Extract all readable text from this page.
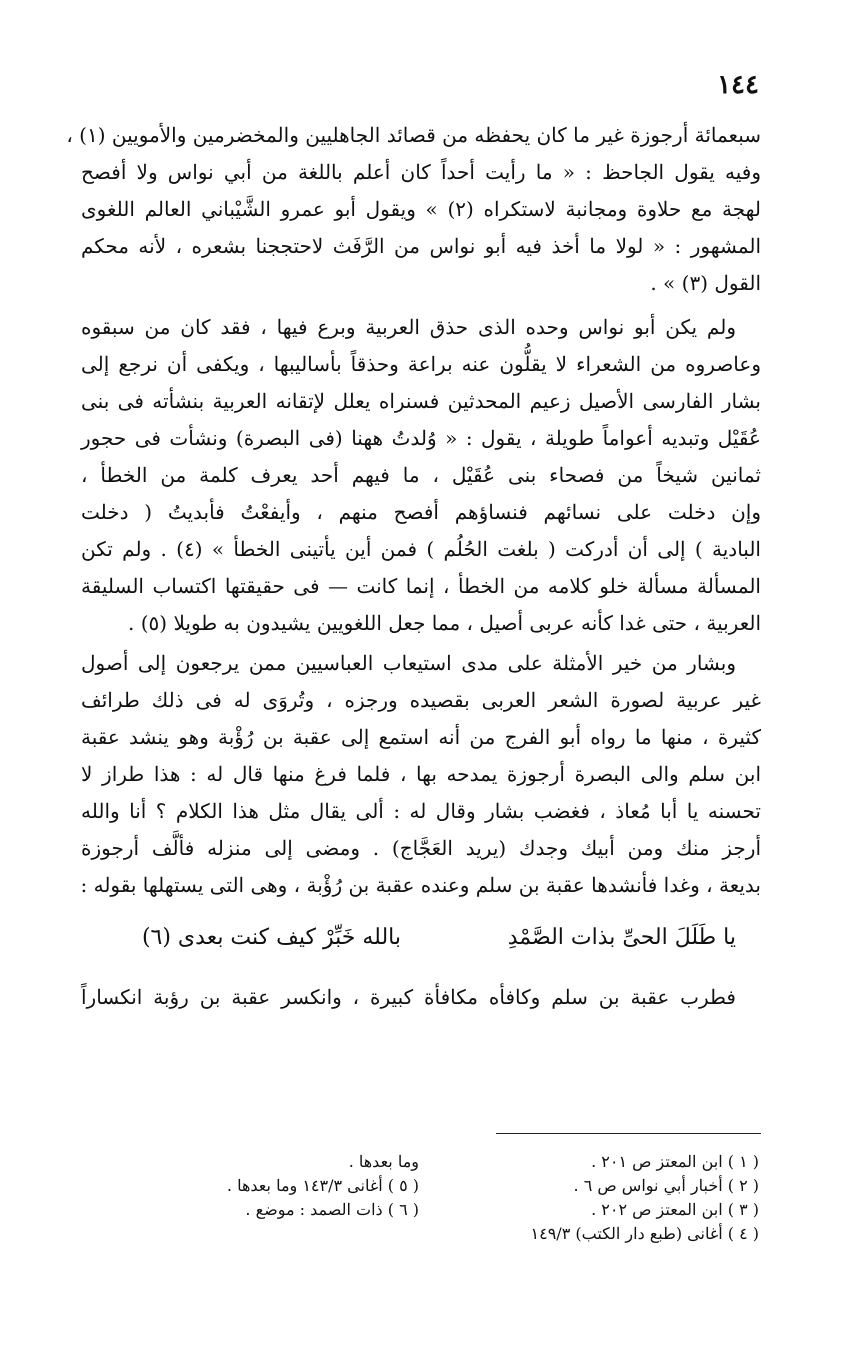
١٤٤
سبعمائة أرجوزة غير ما كان يحفظه من قصائد الجاهليين والمخضرمين والأمويين (١) ،
وفيه يقول الجاحظ : « ما رأيت أحداً كان أعلم باللغة من أبي نواس ولا أفصح
لهجة مع حلاوة ومجانبة لاستكراه (٢) » ويقول أبو عمرو الشَّيْباني العالم اللغوى
المشهور : « لولا ما أخذ فيه أبو نواس من الرَّفَث لاحتججنا بشعره ، لأنه محكم
القول (٣) » .
ولم يكن أبو نواس وحده الذى حذق العربية وبرع فيها ، فقد كان من سبقوه
وعاصروه من الشعراء لا يقلُّون عنه براعة وحذقاً بأساليبها ، ويكفى أن نرجع إلى
بشار الفارسى الأصيل زعيم المحدثين فسنراه يعلل لإتقانه العربية بنشأته فى بنى
عُقَيْل وتبديه أعواماً طويلة ، يقول : « وُلدتُ ههنا (فى البصرة) ونشأت فى حجور
ثمانين شيخاً من فصحاء بنى عُقَيْل ، ما فيهم أحد يعرف كلمة من الخطأ ،
وإن دخلت على نسائهم فنساؤهم أفصح منهم ، وأيفعْتُ فأبديتُ ( دخلت
البادية ) إلى أن أدركت ( بلغت الحُلُم ) فمن أين يأتينى الخطأ » (٤) . ولم تكن
المسألة مسألة خلو كلامه من الخطأ ، إنما كانت — فى حقيقتها اكتساب السليقة
العربية ، حتى غدا كأنه عربى أصيل ، مما جعل اللغويين يشيدون به طويلا (٥) .
وبشار من خير الأمثلة على مدى استيعاب العباسيين ممن يرجعون إلى أصول
غير عربية لصورة الشعر العربى بقصيده ورجزه ، وتُروَى له فى ذلك طرائف
كثيرة ، منها ما رواه أبو الفرج من أنه استمع إلى عقبة بن رُؤْبة وهو ينشد عقبة
ابن سلم والى البصرة أرجوزة يمدحه بها ، فلما فرغ منها قال له : هذا طراز لا
تحسنه يا أبا مُعاذ ، فغضب بشار وقال له : ألى يقال مثل هذا الكلام ؟ أنا والله
أرجز منك ومن أبيك وجدك (يريد العَجَّاج) . ومضى إلى منزله فألَّف أرجوزة
بديعة ، وغدا فأنشدها عقبة بن سلم وعنده عقبة بن رُؤْبة ، وهى التى يستهلها بقوله :
يا طَلَلَ الحىِّ بذات الصَّمْدِ
بالله خَبِّرْ كيف كنت بعدى (٦)
فطرب عقبة بن سلم وكافأه مكافأة كبيرة ، وانكسر عقبة بن رؤبة انكساراً
( ١ ) ابن المعتز ص ٢٠١ .
( ٢ ) أخبار أبي نواس ص ٦ .
( ٣ ) ابن المعتز ص ٢٠٢ .
( ٤ ) أغانى (طبع دار الكتب) ١٤٩/٣
وما بعدها .
( ٥ ) أغانى ١٤٣/٣ وما بعدها .
( ٦ ) ذات الصمد : موضع .
